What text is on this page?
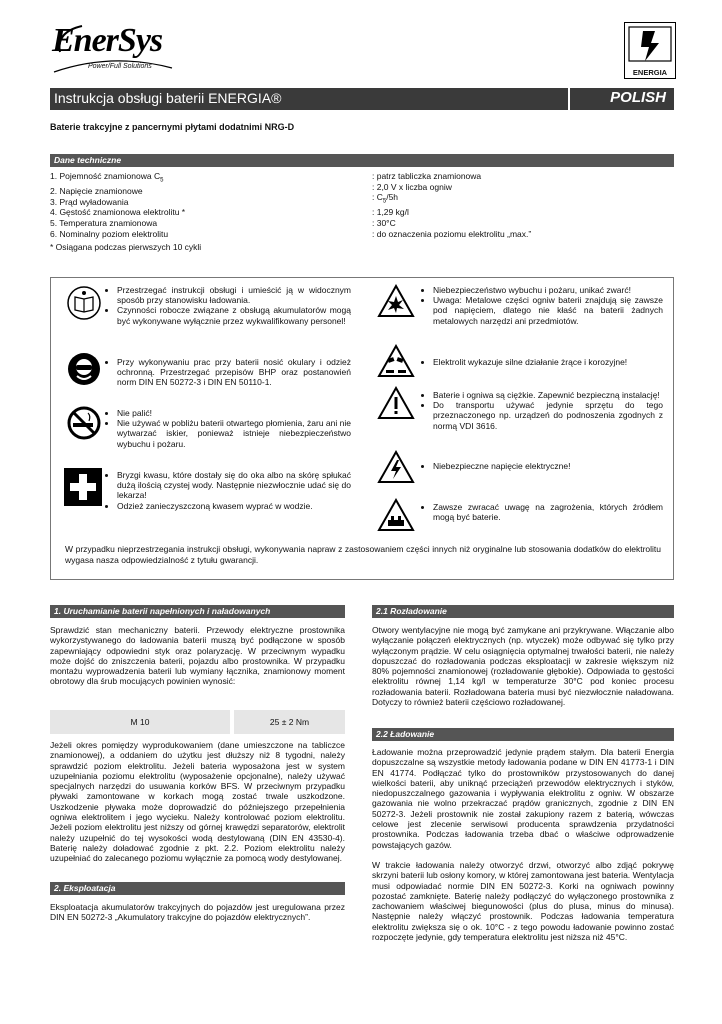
EnerSys
Power/Full Solutions
ENERGIA
Instrukcja obsługi baterii ENERGIA®	POLISH
Baterie trakcyjne z pancernymi płytami dodatnimi NRG-D
Dane techniczne
1. Pojemność znamionowa $C_5$
2. Napięcie znamionowe
3. Prąd wyładowania
4. Gęstość znamionowa elektrolitu *
5. Temperatura znamionowa
6. Nominalny poziom elektrolitu
: patrz tabliczka znamionowa
: 2,0 V x liczba ogniw
: $C_5/5h$
: 1,29 kg/l
: 30°C
: do oznaczenia poziomu elektrolitu „max.”
* Osiągana podczas pierwszych 10 cykli
• Przestrzegać instrukcji obsługi i umieścić ją w widocznym sposób przy stanowisku ładowania.
• Czynności robocze związane z obsługą akumulatorów mogą być wykonywane wyłącznie przez wykwalifikowany personel!
• Przy wykonywaniu prac przy baterii nosić okulary i odzież ochronną. Przestrzegać przepisów BHP oraz postanowień norm DIN EN 50272-3 i DIN EN 50110-1.
• Nie palić!
• Nie używać w pobliżu baterii otwartego płomienia, żaru ani nie wytwarzać iskier, ponieważ istnieje niebezpieczeństwo wybuchu i pożaru.
• Bryzgi kwasu, które dostały się do oka albo na skórę spłukać dużą ilością czystej wody. Następnie niezwłocznie udać się do lekarza!
• Odzież zanieczyszczoną kwasem wyprać w wodzie.
• Niebezpieczeństwo wybuchu i pożaru, unikać zwarć!
• Uwaga: Metalowe części ogniw baterii znajdują się zawsze pod napięciem, dlatego nie kłaść na baterii żadnych metalowych narzędzi ani przedmiotów.
• Elektrolit wykazuje silne działanie żrące i korozyjne!
• Baterie i ogniwa są ciężkie. Zapewnić bezpieczną instalację!
• Do transportu używać jedynie sprzętu do tego przeznaczonego np. urządzeń do podnoszenia zgodnych z normą VDI 3616.
• Niebezpieczne napięcie elektryczne!
• Zawsze zwracać uwagę na zagrożenia, których źródłem mogą być baterie.
W przypadku nieprzestrzegania instrukcji obsługi, wykonywania napraw z zastosowaniem części innych niż oryginalne lub stosowania dodatków do elektrolitu wygasa nasza odpowiedzialność z tytułu gwarancji.
1. Uruchamianie baterii napełnionych i naładowanych
Sprawdzić stan mechaniczny baterii. Przewody elektryczne prostownika wykorzystywanego do ładowania baterii muszą być podłączone w sposób zapewniający odpowiedni styk oraz polaryzację. W przeciwnym wypadku może dojść do zniszczenia baterii, pojazdu albo prostownika. W przypadku montażu wyprowadzenia baterii lub wymiany łącznika, znamionowy moment obrotowy dla śrub mocujących powinien wynosić:
M 10	25 ± 2 Nm
Jeżeli okres pomiędzy wyprodukowaniem (dane umieszczone na tabliczce znamionowej), a oddaniem do użytku jest dłuższy niż 8 tygodni, należy sprawdzić poziom elektrolitu. Jeżeli bateria wyposażona jest w system uzupełniania poziomu elektrolitu (wyposażenie opcjonalne), należy używać specjalnych narzędzi do usuwania korków BFS. W przeciwnym przypadku pływaki zamontowane w korkach mogą zostać trwale uszkodzone. Uszkodzenie pływaka może doprowadzić do późniejszego przepełnienia ogniwa elektrolitem i jego wycieku. Należy kontrolować poziom elektrolitu. Jeżeli poziom elektrolitu jest niższy od górnej krawędzi separatorów, elektrolit należy uzupełnić do tej wysokości wodą destylowaną (DIN EN 43530-4). Baterię należy doładować zgodnie z pkt. 2.2. Poziom elektrolitu należy uzupełniać do zalecanego poziomu wyłącznie za pomocą wody destylowanej.
2. Eksploatacja
Eksploatacja akumulatorów trakcyjnych do pojazdów jest uregulowana przez DIN EN 50272-3 „Akumulatory trakcyjne do pojazdów elektrycznych”.
2.1 Rozładowanie
Otwory wentylacyjne nie mogą być zamykane ani przykrywane. Włączanie albo wyłączanie połączeń elektrycznych (np. wtyczek) może odbywać się tylko przy wyłączonym prądzie. W celu osiągnięcia optymalnej trwałości baterii, nie należy dopuszczać do rozładowania podczas eksploatacji w zakresie większym niż 80% pojemności znamionowej (rozładowanie głębokie). Odpowiada to gęstości elektrolitu równej 1,14 kg/l w temperaturze 30°C pod koniec procesu rozładowania baterii. Rozładowana bateria musi być niezwłocznie naładowana. Dotyczy to również baterii częściowo rozładowanej.
2.2 Ładowanie
Ładowanie można przeprowadzić jedynie prądem stałym. Dla baterii Energia dopuszczalne są wszystkie metody ładowania podane w DIN EN 41773-1 i DIN EN 41774. Podłączać tylko do prostowników przystosowanych do danej wielkości baterii, aby uniknąć przeciążeń przewodów elektrycznych i styków, niedopuszczalnego gazowania i wypływania elektrolitu z ogniw. W obszarze gazowania nie wolno przekraczać prądów granicznych, zgodnie z DIN EN 50272-3. Jeżeli prostownik nie został zakupiony razem z baterią, wówczas celowe jest zlecenie serwisowi producenta sprawdzenia przydatności prostownika. Podczas ładowania trzeba dbać o właściwe odprowadzenie powstających gazów.
W trakcie ładowania należy otworzyć drzwi, otworzyć albo zdjąć pokrywę skrzyni baterii lub osłony komory, w której zamontowana jest bateria. Wentylacja musi odpowiadać normie DIN EN 50272-3. Korki na ogniwach powinny pozostać zamknięte. Baterię należy podłączyć do wyłączonego prostownika z zachowaniem właściwej biegunowości (plus do plusa, minus do minusa). Następnie należy włączyć prostownik. Podczas ładowania temperatura elektrolitu zwiększa się o ok. 10°C - z tego powodu ładowanie powinno zostać rozpoczęte jedynie, gdy temperatura elektrolitu jest niższa niż 45°C.
